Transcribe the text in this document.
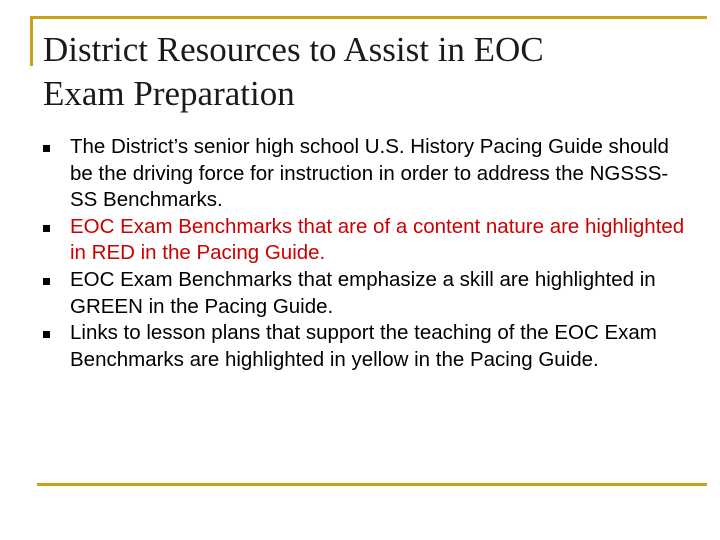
District Resources to Assist in EOC
Exam Preparation
The District’s senior high school U.S. History Pacing Guide should be the driving force for instruction in order to address the NGSSS-SS Benchmarks.
EOC Exam Benchmarks that are of a content nature are highlighted in RED in the Pacing Guide.
EOC Exam Benchmarks that emphasize a skill are highlighted in GREEN in the Pacing Guide.
Links to lesson plans that support the teaching of the EOC Exam Benchmarks are highlighted in yellow in the Pacing Guide.
